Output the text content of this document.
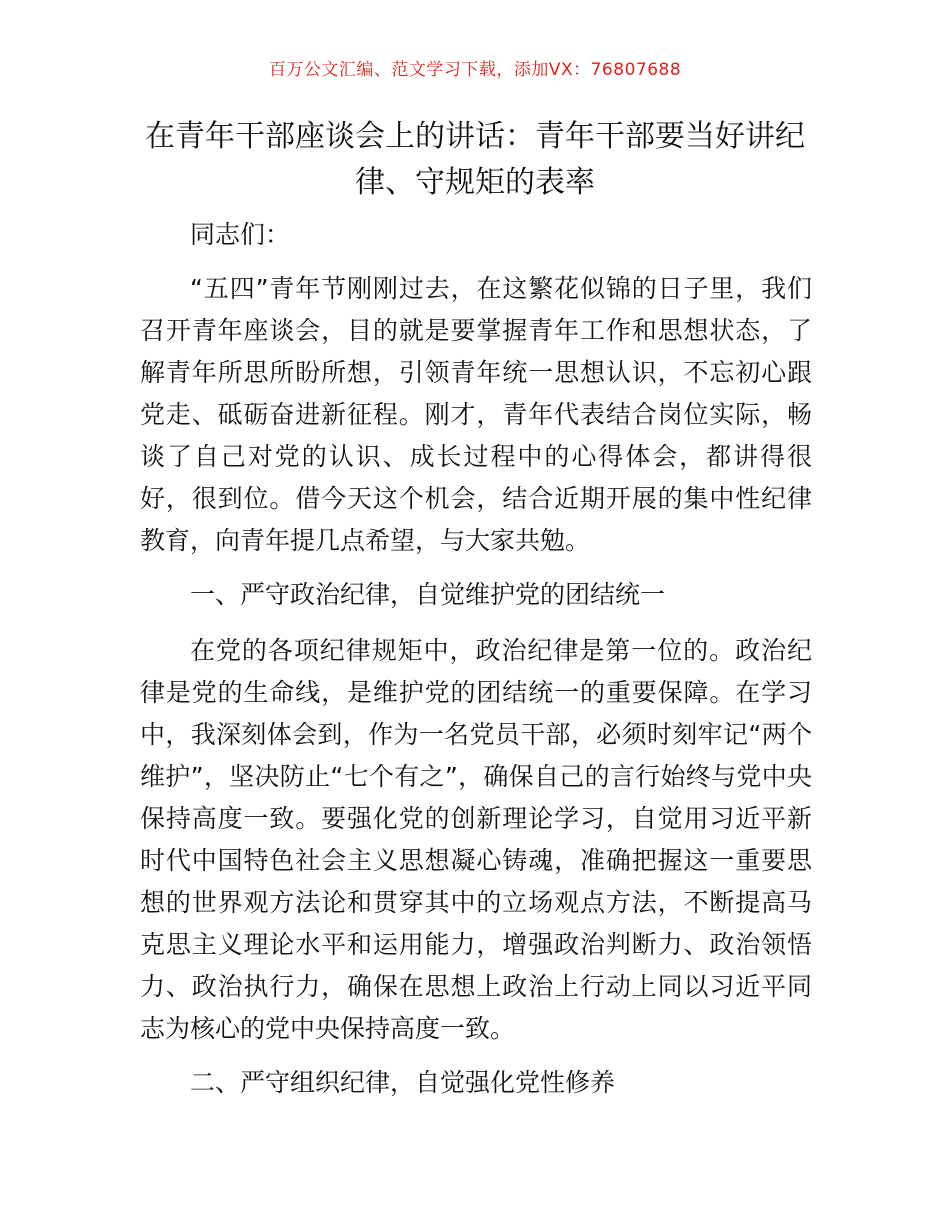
百万公文汇编、范文学习下载，添加VX：76807688
在青年干部座谈会上的讲话：青年干部要当好讲纪律、守规矩的表率

同志们：

“五四”青年节刚刚过去，在这繁花似锦的日子里，我们召开青年座谈会，目的就是要掌握青年工作和思想状态，了解青年所思所盼所想，引领青年统一思想认识，不忘初心跟党走、砥砺奋进新征程。刚才，青年代表结合岗位实际，畅谈了自己对党的认识、成长过程中的心得体会，都讲得很好，很到位。借今天这个机会，结合近期开展的集中性纪律教育，向青年提几点希望，与大家共勉。

一、严守政治纪律，自觉维护党的团结统一

在党的各项纪律规矩中，政治纪律是第一位的。政治纪律是党的生命线，是维护党的团结统一的重要保障。在学习中，我深刻体会到，作为一名党员干部，必须时刻牢记“两个维护”，坚决防止“七个有之”，确保自己的言行始终与党中央保持高度一致。要强化党的创新理论学习，自觉用习近平新时代中国特色社会主义思想凝心铸魂，准确把握这一重要思想的世界观方法论和贯穿其中的立场观点方法，不断提高马克思主义理论水平和运用能力，增强政治判断力、政治领悟力、政治执行力，确保在思想上政治上行动上同以习近平同志为核心的党中央保持高度一致。

二、严守组织纪律，自觉强化党性修养
